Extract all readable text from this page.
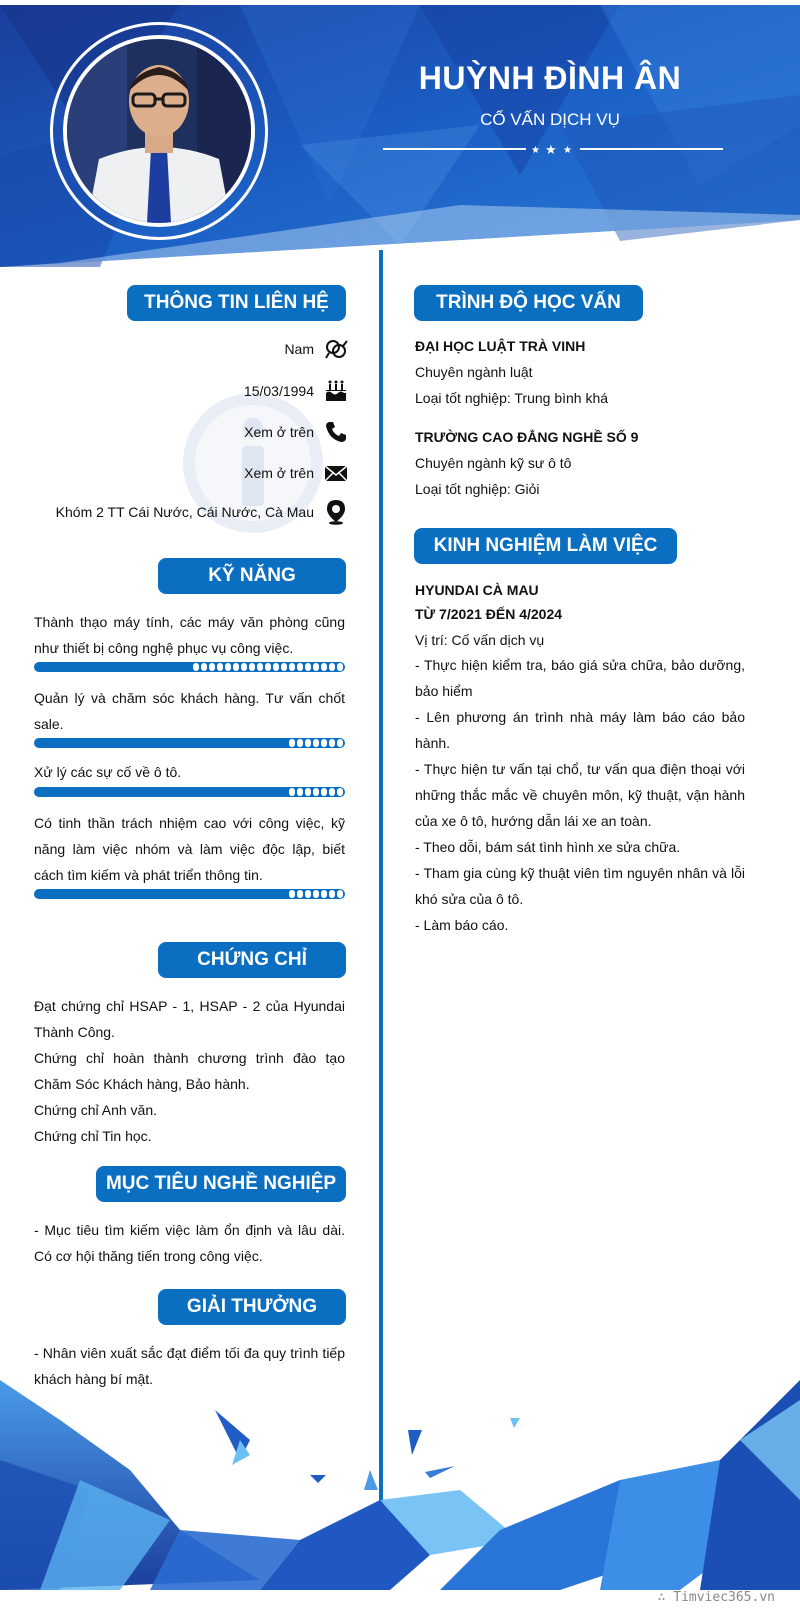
HUỲNH ĐÌNH ÂN
CỐ VẤN DỊCH VỤ
★ ★ ★
THÔNG TIN LIÊN HỆ
Nam
15/03/1994
Xem ở trên
Xem ở trên
Khóm 2 TT Cái Nước, Cái Nước, Cà Mau
KỸ NĂNG
Thành thạo máy tính, các máy văn phòng cũng như thiết bị công nghệ phục vụ công việc.
Quản lý và chăm sóc khách hàng. Tư vấn chốt sale.
Xử lý các sự cố về ô tô.
Có tinh thần trách nhiệm cao với công việc, kỹ năng làm việc nhóm và làm việc độc lập, biết cách tìm kiếm và phát triển thông tin.
CHỨNG CHỈ
Đạt chứng chỉ HSAP - 1, HSAP - 2 của Hyundai Thành Công.
Chứng chỉ hoàn thành chương trình đào tạo Chăm Sóc Khách hàng, Bảo hành.
Chứng chỉ Anh văn.
Chứng chỉ Tin học.
MỤC TIÊU NGHỀ NGHIỆP
- Mục tiêu tìm kiếm việc làm ổn định và lâu dài. Có cơ hội thăng tiến trong công việc.
GIẢI THƯỞNG
- Nhân viên xuất sắc đạt điểm tối đa quy trình tiếp khách hàng bí mật.
TRÌNH ĐỘ HỌC VẤN
ĐẠI HỌC LUẬT TRÀ VINH
Chuyên ngành luật
Loại tốt nghiệp: Trung bình khá
TRƯỜNG CAO ĐẲNG NGHỀ SỐ 9
Chuyên ngành kỹ sư ô tô
Loại tốt nghiệp: Giỏi
KINH NGHIỆM LÀM VIỆC
HYUNDAI CÀ MAU
TỪ 7/2021 ĐẾN 4/2024
Vị trí: Cố vấn dịch vụ
- Thực hiện kiểm tra, báo giá sửa chữa, bảo dưỡng, bảo hiểm
- Lên phương án trình nhà máy làm báo cáo bảo hành.
- Thực hiện tư vấn tại chổ, tư vấn qua điện thoại với những thắc mắc về chuyên môn, kỹ thuật, vận hành của xe ô tô, hướng dẫn lái xe an toàn.
- Theo dỗi, bám sát tình hình xe sửa chữa.
- Tham gia cùng kỹ thuật viên tìm nguyên nhân và lỗi khó sửa của ô tô.
- Làm báo cáo.
∴ Timviec365.vn
